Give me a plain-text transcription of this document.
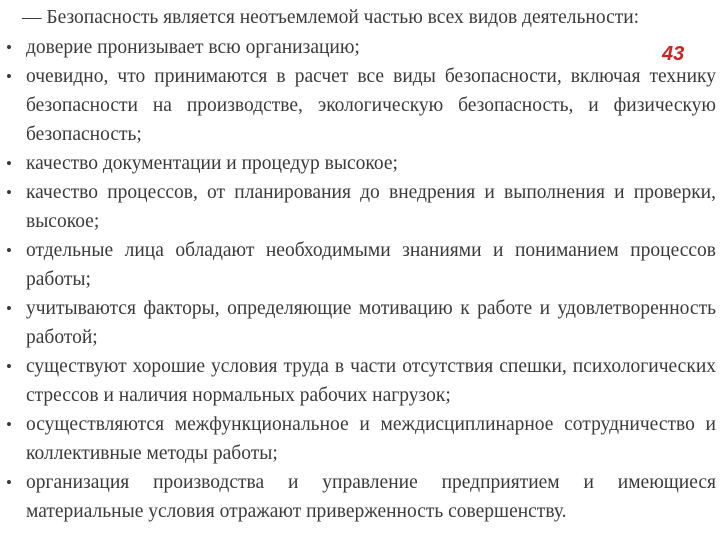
— Безопасность является неотъемлемой частью всех видов деятельности:
43
• доверие пронизывает всю организацию;
• очевидно, что принимаются в расчет все виды безопасности, включая технику безопасности на производстве, экологическую безопасность, и физическую безопасность;
• качество документации и процедур высокое;
• качество процессов, от планирования до внедрения и выполнения и проверки, высокое;
• отдельные лица обладают необходимыми знаниями и пониманием процессов работы;
• учитываются факторы, определяющие мотивацию к работе и удовлетворенность работой;
• существуют хорошие условия труда в части отсутствия спешки, психологических стрессов и наличия нормальных рабочих нагрузок;
• осуществляются межфункциональное и междисциплинарное сотрудничество и коллективные методы работы;
• организация производства и управление предприятием и имеющиеся материальные условия отражают приверженность совершенству.
